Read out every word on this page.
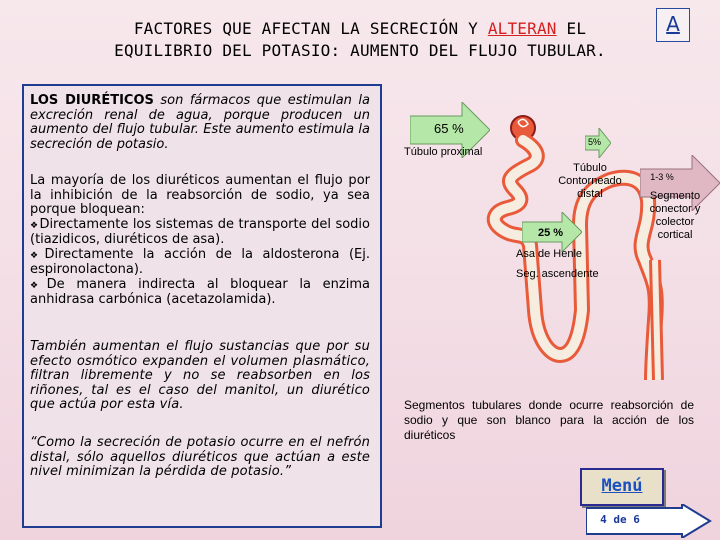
FACTORES QUE AFECTAN LA SECRECIÓN Y ALTERAN EL
EQUILIBRIO DEL POTASIO: AUMENTO DEL FLUJO TUBULAR.
A
LOS DIURÉTICOS son fármacos que estimulan la excreción renal de agua, porque producen un aumento del flujo tubular. Este aumento estimula la secreción de potasio.
La mayoría de los diuréticos aumentan el flujo por la inhibición de la reabsorción de sodio, ya sea porque bloquean:
❖ Directamente los sistemas de transporte del sodio (tiazidicos, diuréticos de asa).
❖ Directamente la acción de la aldosterona (Ej. espironolactona).
❖ De manera indirecta al bloquear la enzima anhidrasa carbónica (acetazolamida).
También aumentan el flujo sustancias que por su efecto osmótico expanden el volumen plasmático, filtran libremente y no se reabsorben en los riñones, tal es el caso del manitol, un diurético que actúa por esta vía.
“Como la secreción de potasio ocurre en el nefrón distal, sólo aquellos diuréticos que actúan a este nivel minimizan la pérdida de potasio.”
65 %
Túbulo proximal
5%
Túbulo Contorneado distal
25 %
Asa de Henle
Seg. ascendente
1-3 %
Segmento conector y colector cortical
Segmentos tubulares donde ocurre reabsorción de sodio y que son blanco para la acción de los diuréticos
Menú
4 de 6
